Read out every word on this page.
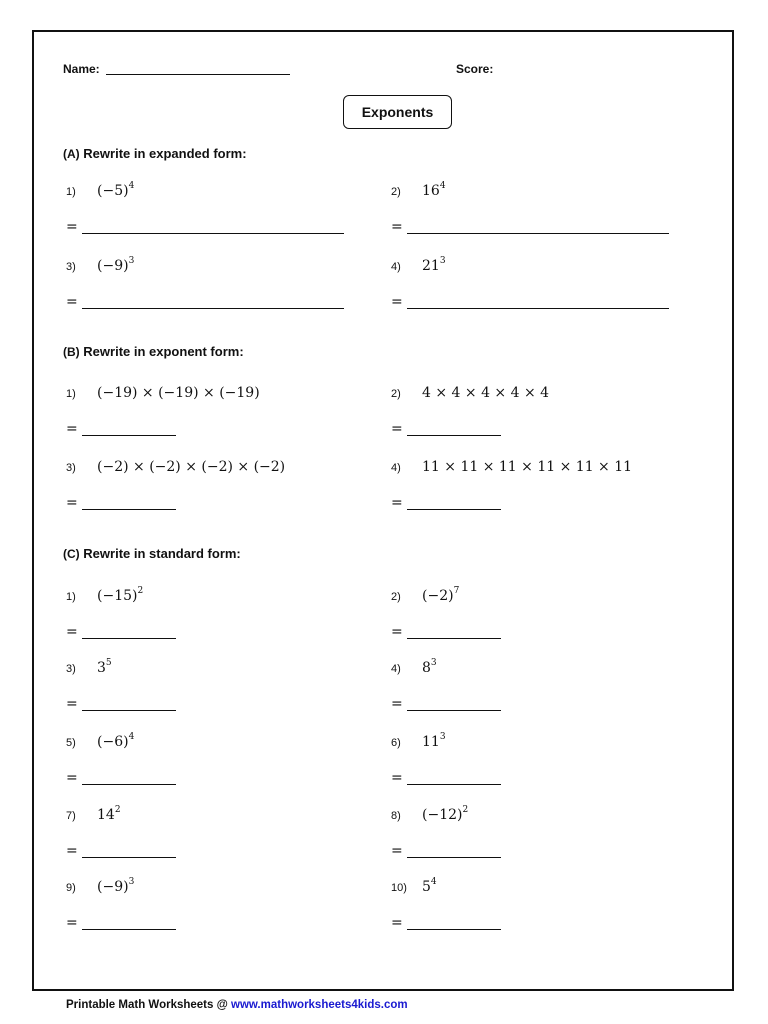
Name:	Score:
Exponents
(A) Rewrite in expanded form:
1)	$(-5)^4$
=
2)	$16^4$
=
3)	$(-9)^3$
=
4)	$21^3$
=
(B) Rewrite in exponent form:
1)	(−19) × (−19) × (−19)
=
2)	4 × 4 × 4 × 4 × 4
=
3)	(−2) × (−2) × (−2) × (−2)
=
4)	11 × 11 × 11 × 11 × 11 × 11
=
(C) Rewrite in standard form:
1)	$(-15)^2$
=
2)	$(-2)^7$
=
3)	$3^5$
=
4)	$8^3$
=
5)	$(-6)^4$
=
6)	$11^3$
=
7)	$14^2$
=
8)	$(-12)^2$
=
9)	$(-9)^3$
=
10)	$5^4$
=
Printable Math Worksheets @ www.mathworksheets4kids.com
